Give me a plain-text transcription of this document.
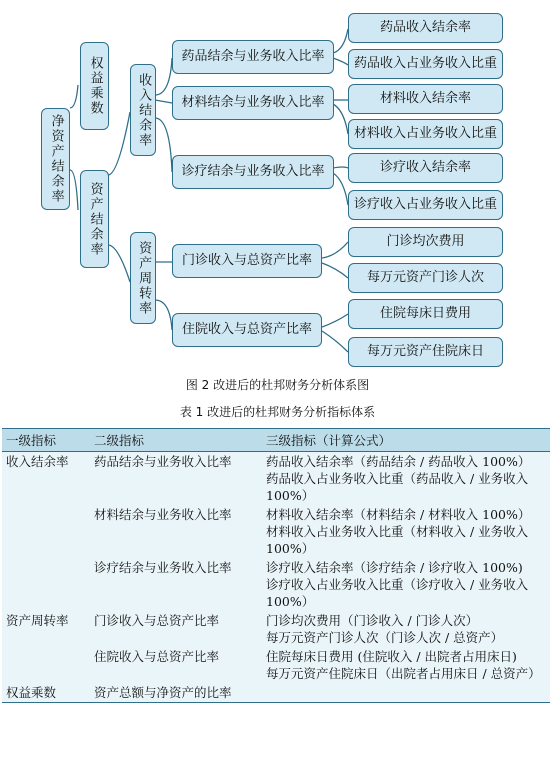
净资产结余率
权益乘数
资产结余率
收入结余率
资产周转率
药品结余与业务收入比率
材料结余与业务收入比率
诊疗结余与业务收入比率
门诊收入与总资产比率
住院收入与总资产比率
药品收入结余率
药品收入占业务收入比重
材料收入结余率
材料收入占业务收入比重
诊疗收入结余率
诊疗收入占业务收入比重
门诊均次费用
每万元资产门诊人次
住院每床日费用
每万元资产住院床日
图 2 改进后的杜邦财务分析体系图
表 1 改进后的杜邦财务分析指标体系
一级指标	二级指标	三级指标（计算公式）
收入结余率	药品结余与业务收入比率	药品收入结余率（药品结余 / 药品收入 100%）
药品收入占业务收入比重（药品收入 / 业务收入 100%）

	材料结余与业务收入比率	材料收入结余率（材料结余 / 材料收入 100%）
材料收入占业务收入比重（材料收入 / 业务收入 100%）

	诊疗结余与业务收入比率	诊疗收入结余率（诊疗结余 / 诊疗收入 100%)
诊疗收入占业务收入比重（诊疗收入 / 业务收入 100%）

资产周转率	门诊收入与总资产比率	门诊均次费用（门诊收入 / 门诊人次）
每万元资产门诊人次（门诊人次 / 总资产）

	住院收入与总资产比率	住院每床日费用 (住院收入 / 出院者占用床日)
每万元资产住院床日（出院者占用床日 / 总资产）

权益乘数	资产总额与净资产的比率	
